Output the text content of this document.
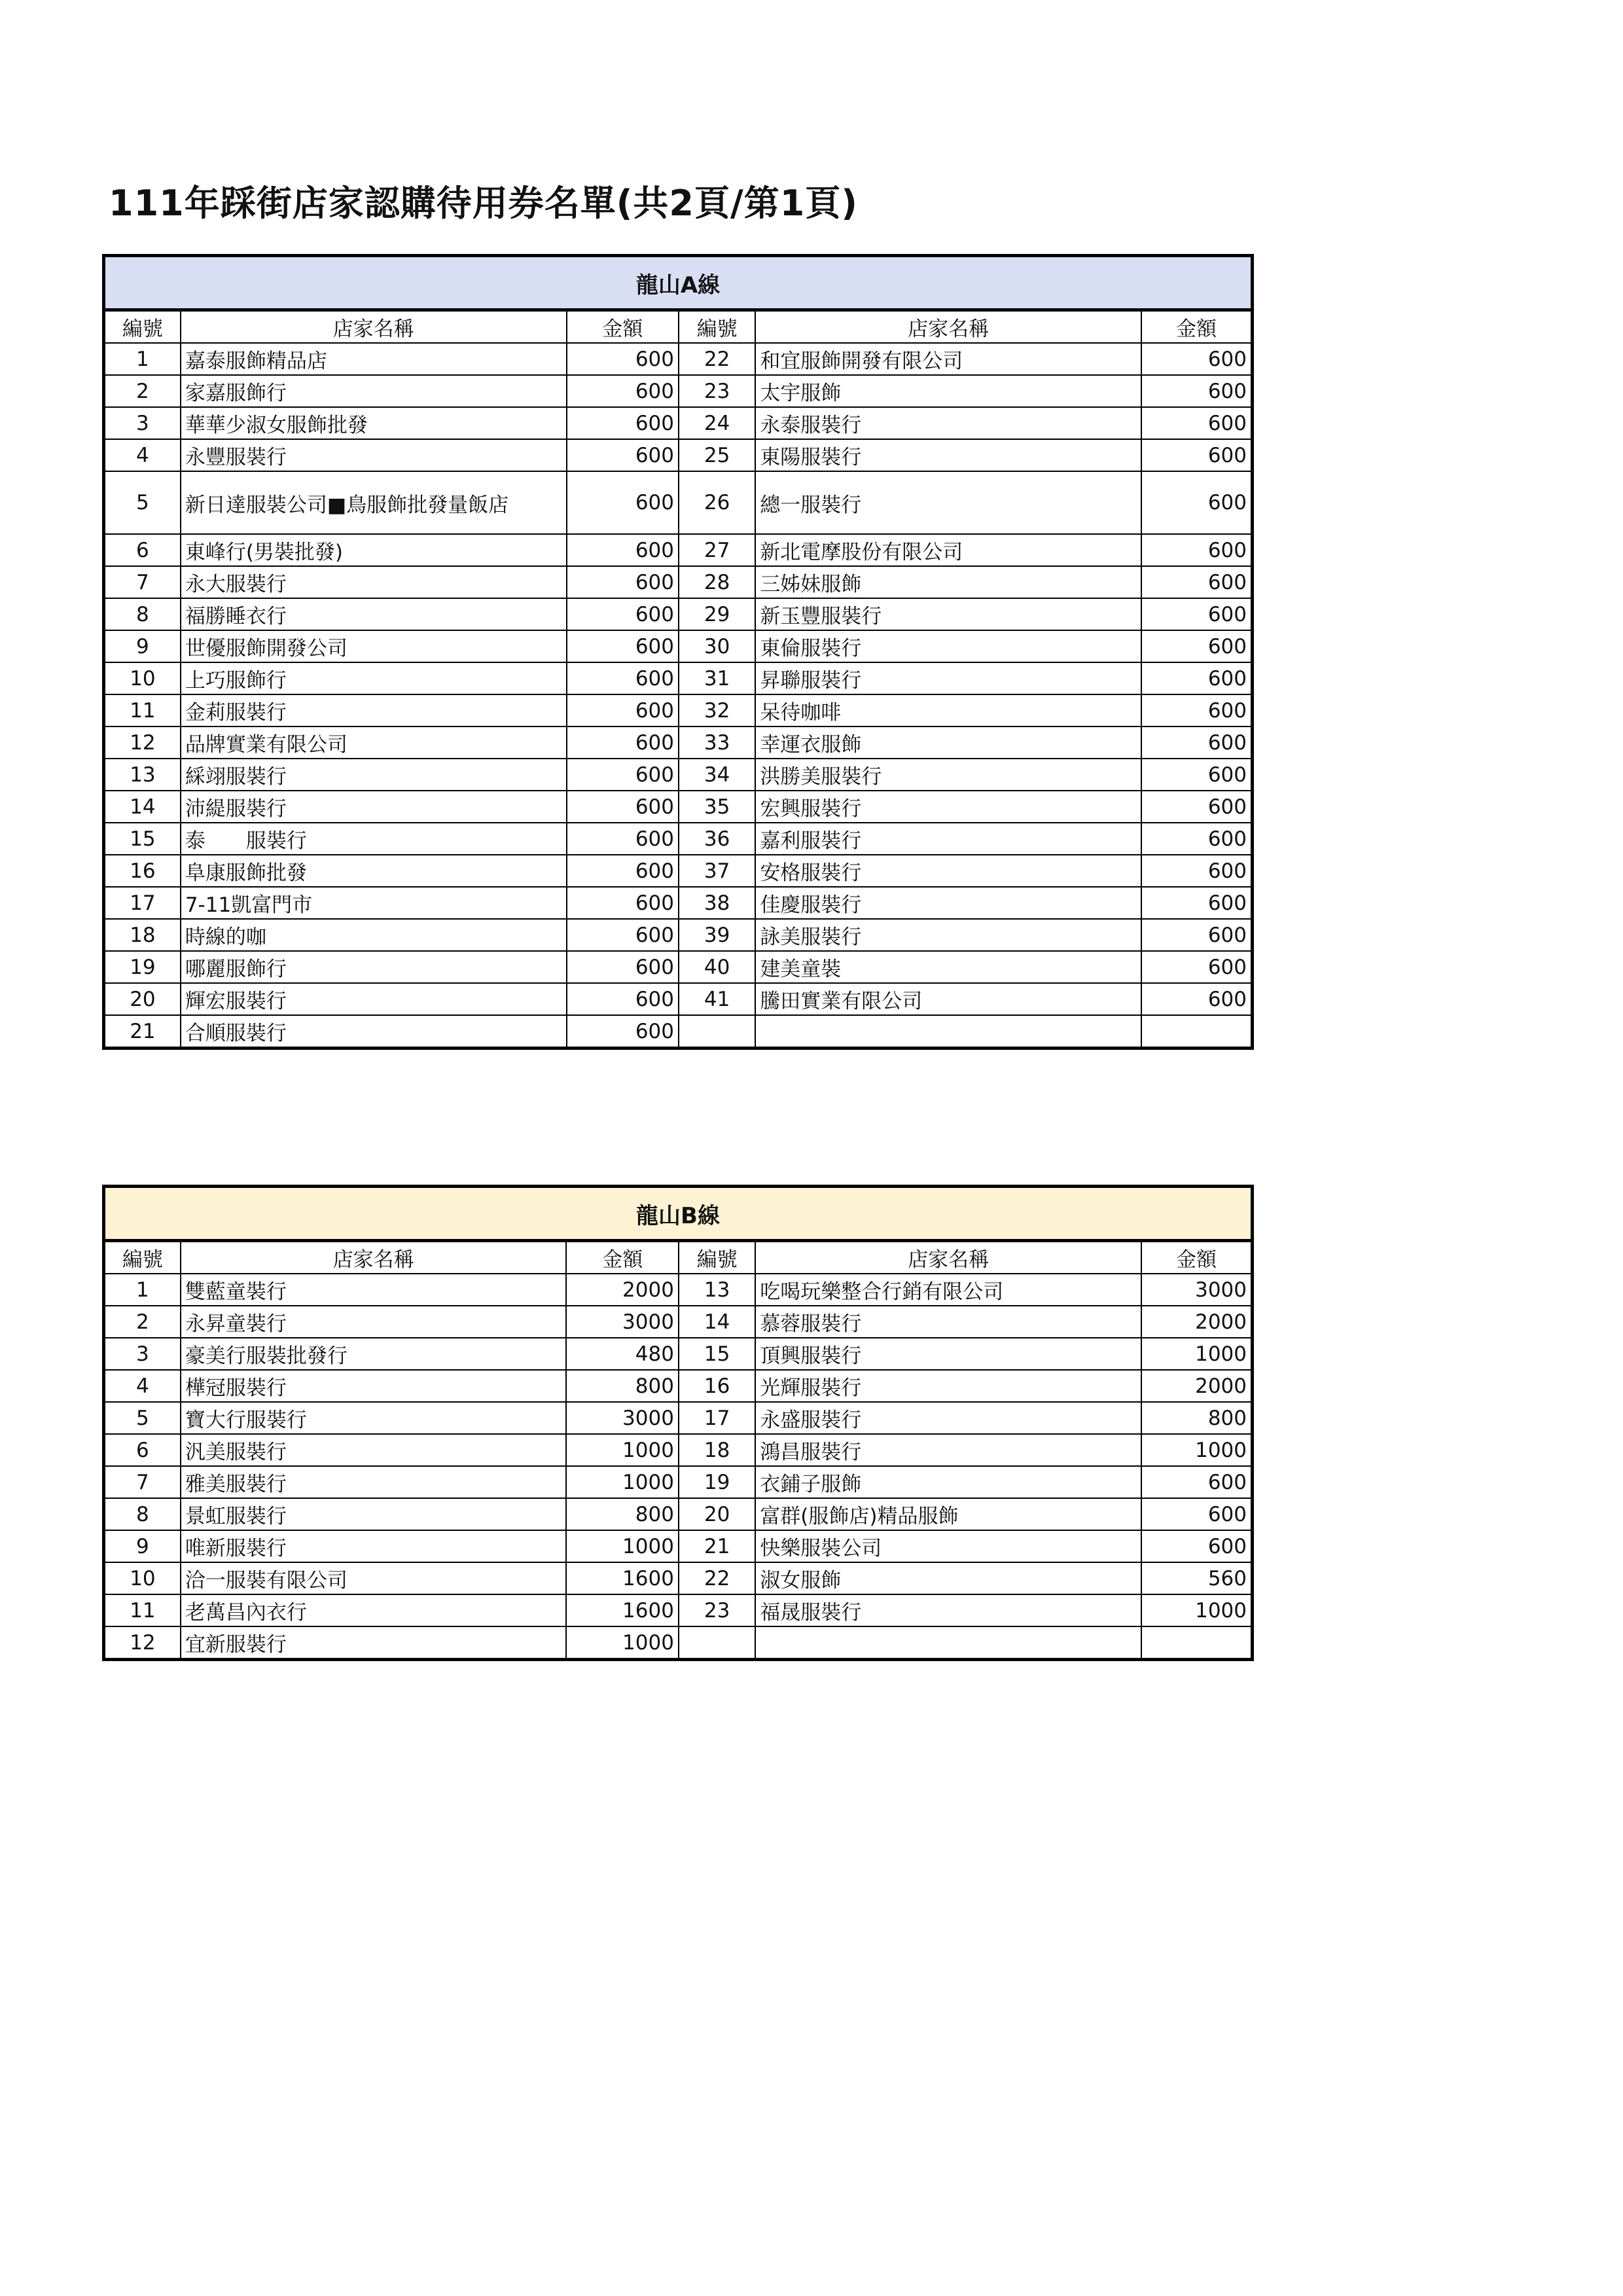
111年踩街店家認購待用券名單(共2頁/第1頁)
龍山A線					
編號	店家名稱	金額	編號	店家名稱	金額
1	嘉泰服飾精品店	600	22	和宜服飾開發有限公司	600
2	家嘉服飾行	600	23	太宇服飾	600
3	華華少淑女服飾批發	600	24	永泰服裝行	600
4	永豐服裝行	600	25	東陽服裝行	600
5	新日達服裝公司■鳥服飾批發量飯店	600	26	總一服裝行	600
6	東峰行(男裝批發)	600	27	新北電摩股份有限公司	600
7	永大服裝行	600	28	三姊妹服飾	600
8	福勝睡衣行	600	29	新玉豐服裝行	600
9	世優服飾開發公司	600	30	東倫服裝行	600
10	上巧服飾行	600	31	昇聯服裝行	600
11	金莉服裝行	600	32	呆待咖啡	600
12	品牌實業有限公司	600	33	幸運衣服飾	600
13	綵翊服裝行	600	34	洪勝美服裝行	600
14	沛緹服裝行	600	35	宏興服裝行	600
15	泰　　服裝行	600	36	嘉利服裝行	600
16	阜康服飾批發	600	37	安格服裝行	600
17	7-11凱富門市	600	38	佳慶服裝行	600
18	時線的咖	600	39	詠美服裝行	600
19	哪麗服飾行	600	40	建美童裝	600
20	輝宏服裝行	600	41	騰田實業有限公司	600
21	合順服裝行	600			
龍山B線					
編號	店家名稱	金額	編號	店家名稱	金額
1	雙藍童裝行	2000	13	吃喝玩樂整合行銷有限公司	3000
2	永昇童裝行	3000	14	慕蓉服裝行	2000
3	豪美行服裝批發行	480	15	頂興服裝行	1000
4	樺冠服裝行	800	16	光輝服裝行	2000
5	寶大行服裝行	3000	17	永盛服裝行	800
6	汎美服裝行	1000	18	鴻昌服裝行	1000
7	雅美服裝行	1000	19	衣鋪子服飾	600
8	景虹服裝行	800	20	富群(服飾店)精品服飾	600
9	唯新服裝行	1000	21	快樂服裝公司	600
10	洽一服裝有限公司	1600	22	淑女服飾	560
11	老萬昌內衣行	1600	23	福晟服裝行	1000
12	宜新服裝行	1000			
